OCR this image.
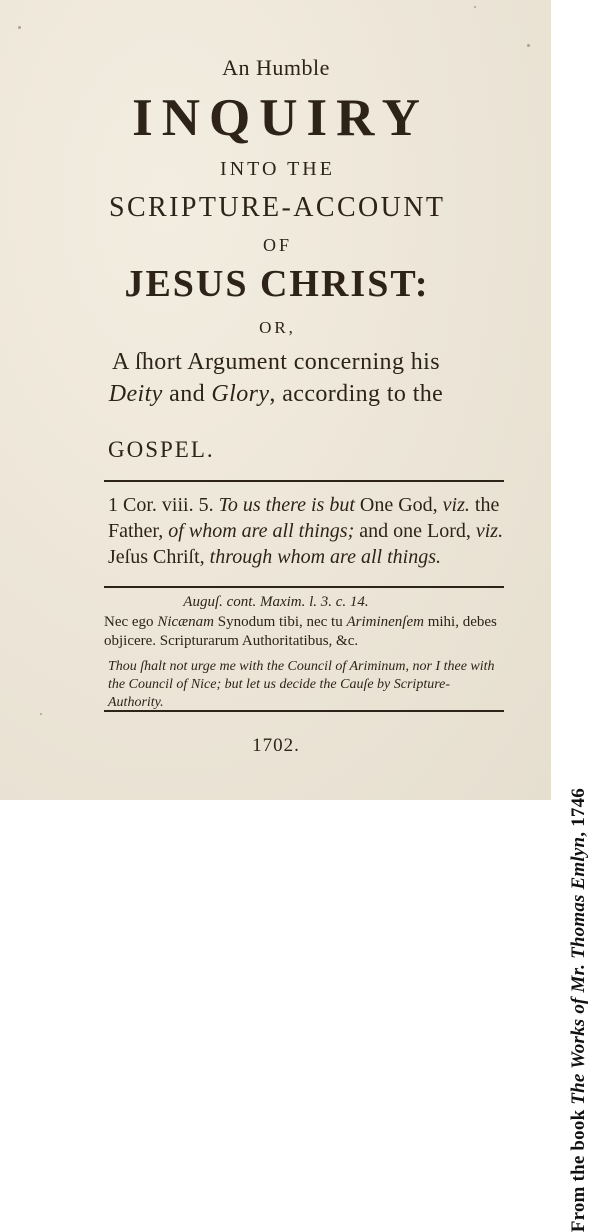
An Humble
INQUIRY
INTO THE
SCRIPTURE-ACCOUNT
OF
JESUS CHRIST:
OR,
A ſhort Argument concerning his
Deity and Glory, according to the
GOSPEL.
1 Cor. viii. 5. To us there is but One God, viz. the Father, of whom are all things; and one Lord, viz. Jeſus Chriſt, through whom are all things.
Auguſ. cont. Maxim. l. 3. c. 14.
Nec ego Nicænam Synodum tibi, nec tu Ariminenſem mihi, debes objicere. Scripturarum Authoritatibus, &c.
Thou ſhalt not urge me with the Council of Ariminum, nor I thee with the Council of Nice; but let us decide the Cauſe by Scripture-Authority.
1702.
From the book The Works of Mr. Thomas Emlyn, 1746
